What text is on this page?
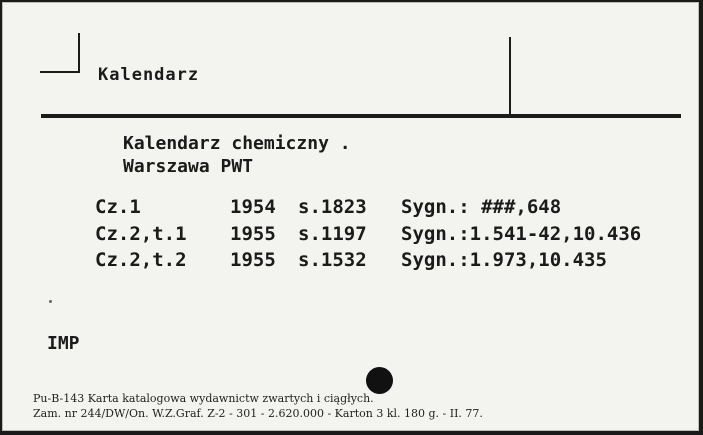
Kalendarz
Kalendarz chemiczny .
Warszawa PWT
Cz.1	1954 s.1823 Sygn.: ###,648
Cz.2,t.1 1955 s.1197 Sygn.:1.541-42,10.436
Cz.2,t.2 1955 s.1532 Sygn.:1.973,10.435
IMP
Pu-B-143 Karta katalogowa wydawnictw zwartych i ciągłych.
Zam. nr 244/DW/On. W.Z.Graf. Z-2 - 301 - 2.620.000 - Karton 3 kl. 180 g. - II. 77.
